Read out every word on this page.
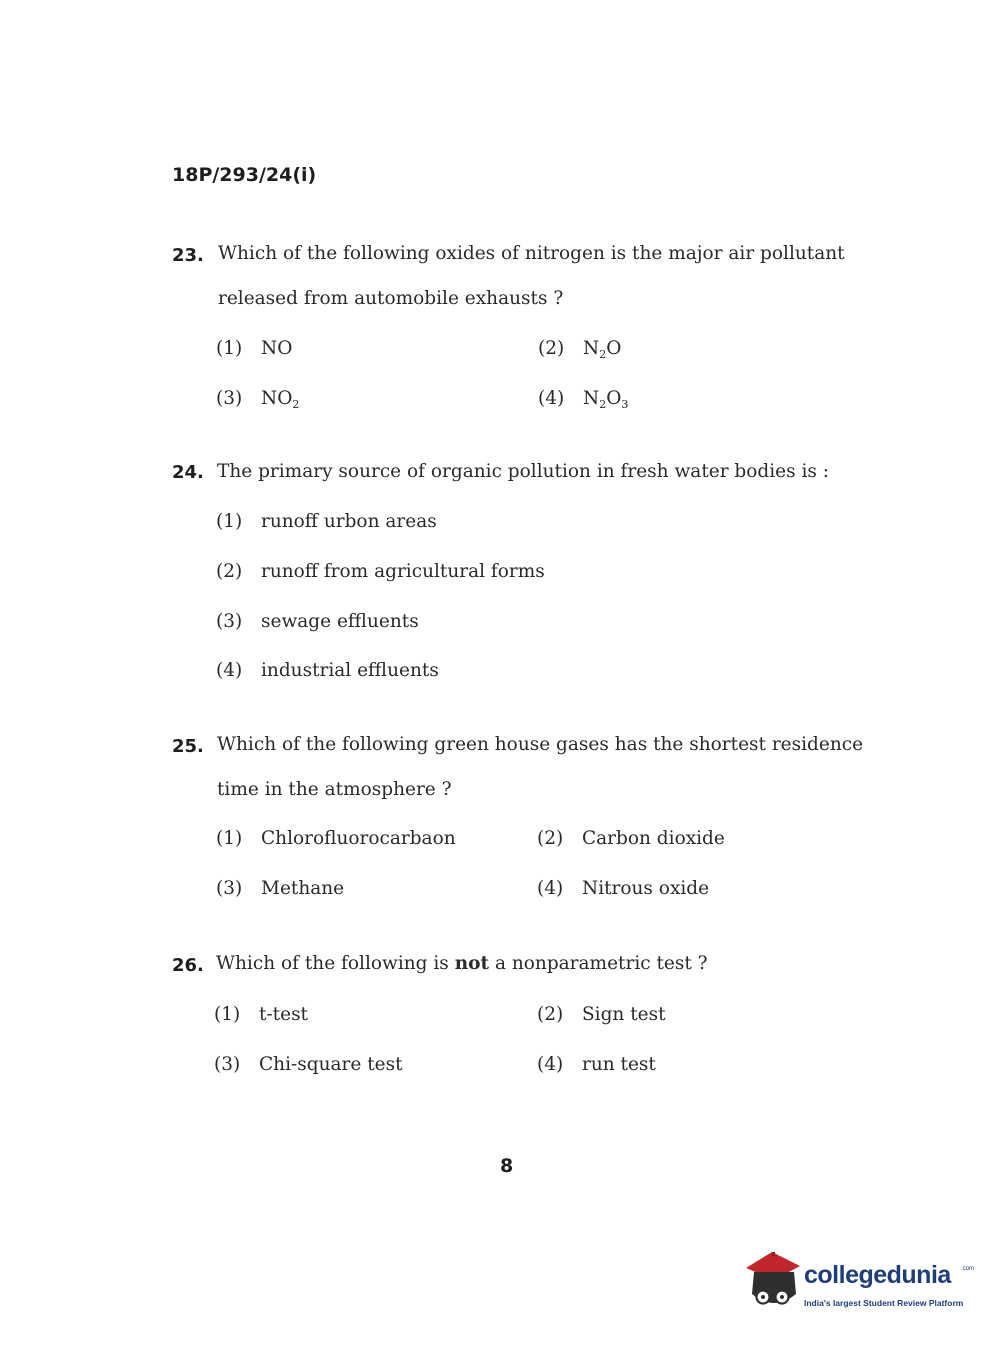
18P/293/24(i)
23. Which of the following oxides of nitrogen is the major air pollutant
released from automobile exhausts ?
(1) NO	(2) $N_2O$
(3) $NO_2$	(4) $N_2O_3$
24. The primary source of organic pollution in fresh water bodies is :
(1) runoff urbon areas
(2) runoff from agricultural forms
(3) sewage effluents
(4) industrial effluents
25. Which of the following green house gases has the shortest residence
time in the atmosphere ?
(1) Chlorofluorocarbaon	(2) Carbon dioxide
(3) Methane	(4) Nitrous oxide
26. Which of the following is not a nonparametric test ?
(1) t-test	(2) Sign test
(3) Chi-square test	(4) run test
8
collegedunia .com
India's largest Student Review Platform
